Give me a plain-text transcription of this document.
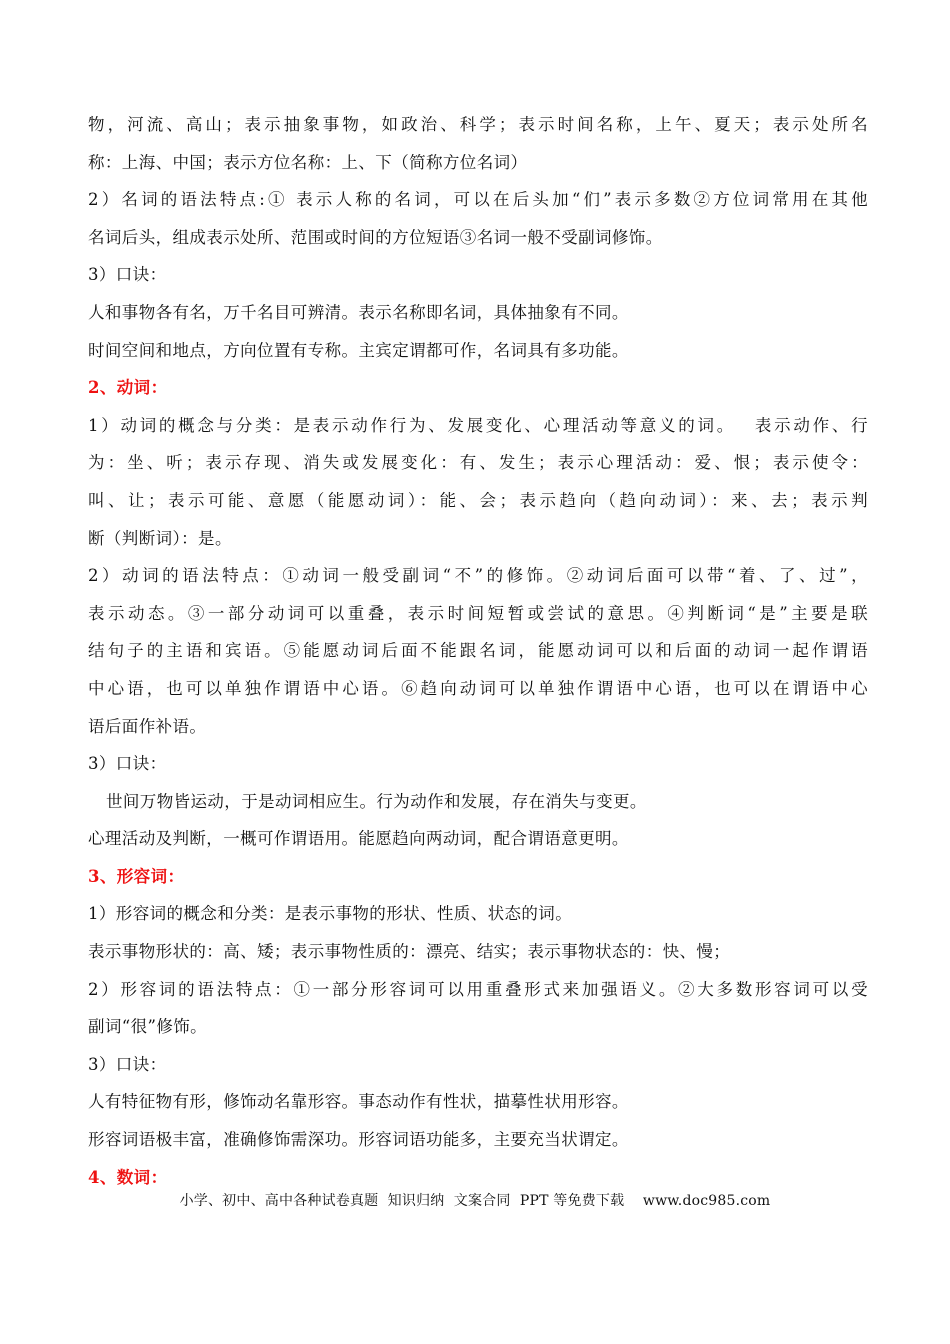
物，河流、高山；表示抽象事物，如政治、科学；表示时间名称，上午、夏天；表示处所名
称：上海、中国；表示方位名称：上、下（简称方位名词）
2）名词的语法特点:① 表示人称的名词，可以在后头加“们”表示多数②方位词常用在其他
名词后头，组成表示处所、范围或时间的方位短语③名词一般不受副词修饰。
3）口诀：
人和事物各有名，万千名目可辨清。表示名称即名词，具体抽象有不同。
时间空间和地点，方向位置有专称。主宾定谓都可作，名词具有多功能。
2、动词：
1）动词的概念与分类：是表示动作行为、发展变化、心理活动等意义的词。　 表示动作、行
为：坐、听；表示存现、消失或发展变化：有、发生；表示心理活动：爱、恨；表示使令：
叫、让；表示可能、意愿（能愿动词）：能、会；表示趋向（趋向动词）：来、去；表示判
断（判断词）：是。
2）动词的语法特点：①动词一般受副词“不”的修饰。②动词后面可以带“着、了、过”，
表示动态。③一部分动词可以重叠，表示时间短暂或尝试的意思。④判断词“是”主要是联
结句子的主语和宾语。⑤能愿动词后面不能跟名词，能愿动词可以和后面的动词一起作谓语
中心语，也可以单独作谓语中心语。⑥趋向动词可以单独作谓语中心语，也可以在谓语中心
语后面作补语。
3）口诀：
世间万物皆运动，于是动词相应生。行为动作和发展，存在消失与变更。
心理活动及判断，一概可作谓语用。能愿趋向两动词，配合谓语意更明。
3、形容词：
1）形容词的概念和分类：是表示事物的形状、性质、状态的词。
表示事物形状的：高、矮；表示事物性质的：漂亮、结实；表示事物状态的：快、慢；
2）形容词的语法特点：①一部分形容词可以用重叠形式来加强语义。②大多数形容词可以受
副词“很”修饰。
3）口诀：
人有特征物有形，修饰动名靠形容。事态动作有性状，描摹性状用形容。
形容词语极丰富，准确修饰需深功。形容词语功能多，主要充当状谓定。
4、数词：
小学、初中、高中各种试卷真题  知识归纳  文案合同  PPT 等免费下载    www.doc985.com
